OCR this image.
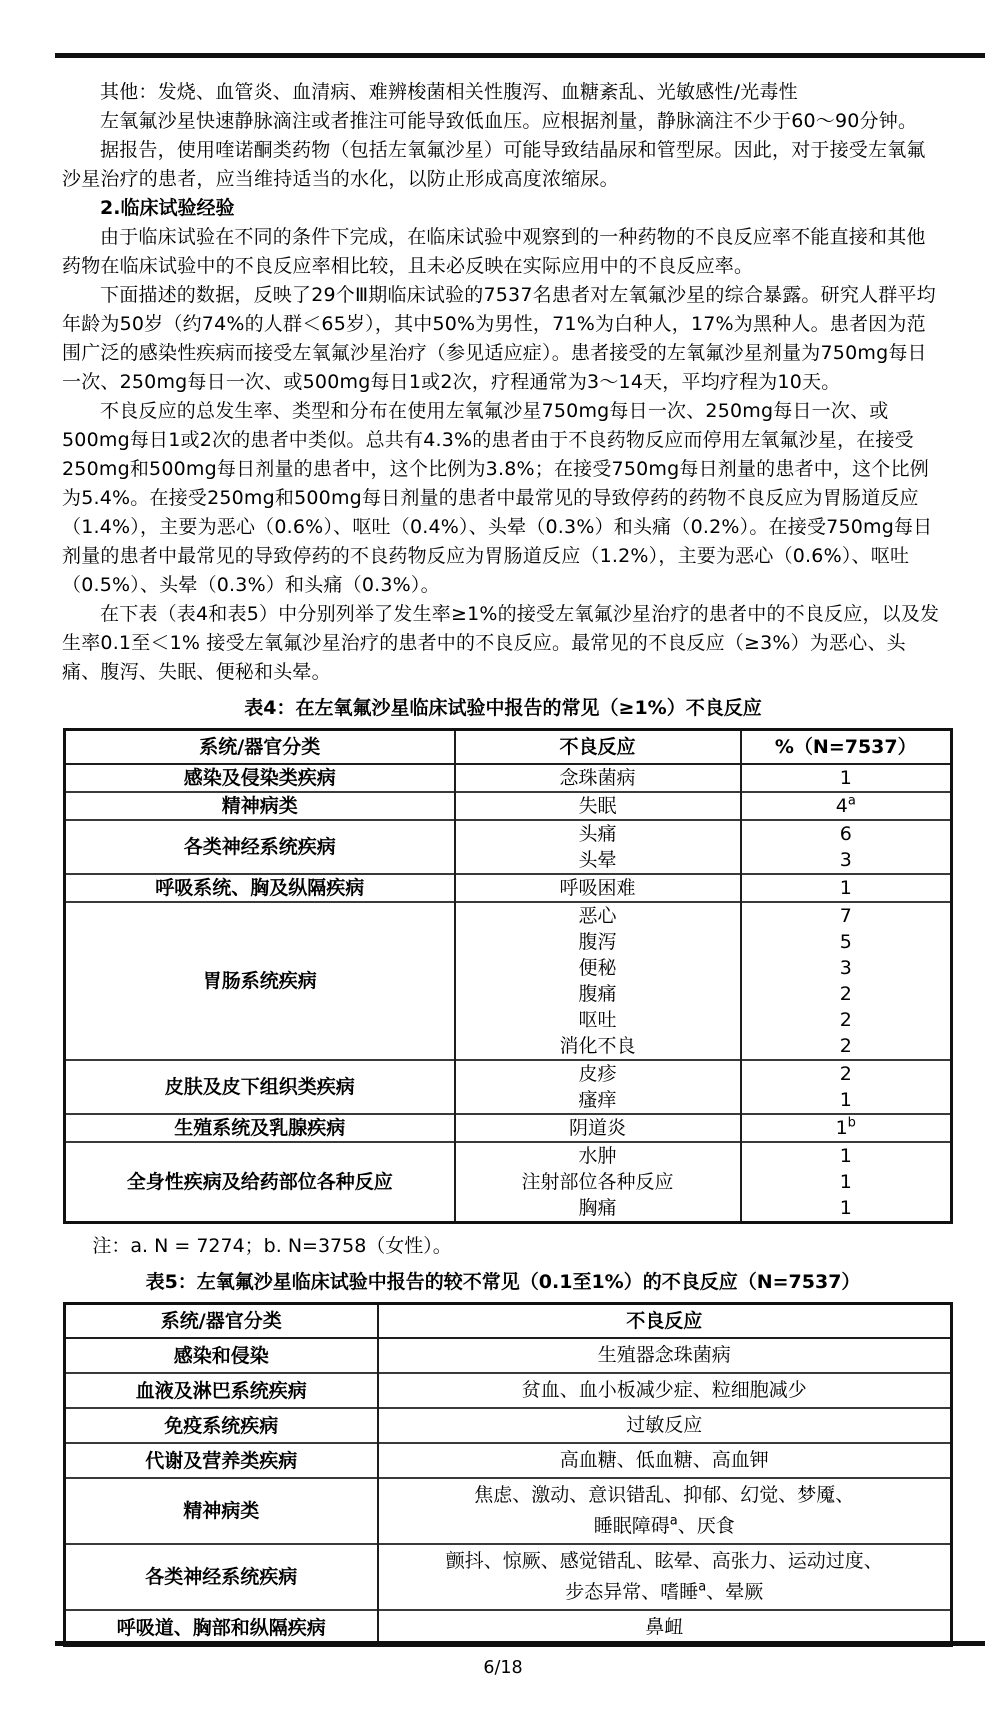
其他：发烧、血管炎、血清病、难辨梭菌相关性腹泻、血糖紊乱、光敏感性/光毒性

左氧氟沙星快速静脉滴注或者推注可能导致低血压。应根据剂量，静脉滴注不少于60～90分钟。

据报告，使用喹诺酮类药物（包括左氧氟沙星）可能导致结晶尿和管型尿。因此，对于接受左氧氟沙星治疗的患者，应当维持适当的水化，以防止形成高度浓缩尿。

2.临床试验经验

由于临床试验在不同的条件下完成，在临床试验中观察到的一种药物的不良反应率不能直接和其他药物在临床试验中的不良反应率相比较，且未必反映在实际应用中的不良反应率。

下面描述的数据，反映了29个Ⅲ期临床试验的7537名患者对左氧氟沙星的综合暴露。研究人群平均年龄为50岁（约74%的人群＜65岁），其中50%为男性，71%为白种人，17%为黑种人。患者因为范围广泛的感染性疾病而接受左氧氟沙星治疗（参见适应症）。患者接受的左氧氟沙星剂量为750mg每日一次、250mg每日一次、或500mg每日1或2次，疗程通常为3～14天，平均疗程为10天。

不良反应的总发生率、类型和分布在使用左氧氟沙星750mg每日一次、250mg每日一次、或500mg每日1或2次的患者中类似。总共有4.3%的患者由于不良药物反应而停用左氧氟沙星，在接受250mg和500mg每日剂量的患者中，这个比例为3.8%；在接受750mg每日剂量的患者中，这个比例为5.4%。在接受250mg和500mg每日剂量的患者中最常见的导致停药的药物不良反应为胃肠道反应（1.4%），主要为恶心（0.6%）、呕吐（0.4%）、头晕（0.3%）和头痛（0.2%）。在接受750mg每日剂量的患者中最常见的导致停药的不良药物反应为胃肠道反应（1.2%），主要为恶心（0.6%）、呕吐（0.5%）、头晕（0.3%）和头痛（0.3%）。

在下表（表4和表5）中分别列举了发生率≥1%的接受左氧氟沙星治疗的患者中的不良反应，以及发生率0.1至＜1% 接受左氧氟沙星治疗的患者中的不良反应。最常见的不良反应（≥3%）为恶心、头痛、腹泻、失眠、便秘和头晕。

表4：在左氧氟沙星临床试验中报告的常见（≥1%）不良反应
系统/器官分类	不良反应	%（N=7537）
感染及侵染类疾病	念珠菌病	1
精神病类	失眠	4$^a$
各类神经系统疾病	头痛	6
	头晕	3
呼吸系统、胸及纵隔疾病	呼吸困难	1
胃肠系统疾病	恶心	7
	腹泻	5
	便秘	3
	腹痛	2
	呕吐	2
	消化不良	2
皮肤及皮下组织类疾病	皮疹	2
	瘙痒	1
生殖系统及乳腺疾病	阴道炎	1$^b$
全身性疾病及给药部位各种反应	水肿	1
	注射部位各种反应	1
	胸痛	1

注：a. N = 7274；b. N=3758（女性）。

表5：左氧氟沙星临床试验中报告的较不常见（0.1至1%）的不良反应（N=7537）
系统/器官分类	不良反应
感染和侵染	生殖器念珠菌病

血液及淋巴系统疾病	贫血、血小板减少症、粒细胞减少

免疫系统疾病	过敏反应

代谢及营养类疾病	高血糖、低血糖、高血钾

精神病类	焦虑、激动、意识错乱、抑郁、幻觉、梦魇、
睡眠障碍$^a$、厌食

各类神经系统疾病	颤抖、惊厥、感觉错乱、眩晕、高张力、运动过度、
步态异常、嗜睡$^a$、晕厥

呼吸道、胸部和纵隔疾病	鼻衄
6/18
